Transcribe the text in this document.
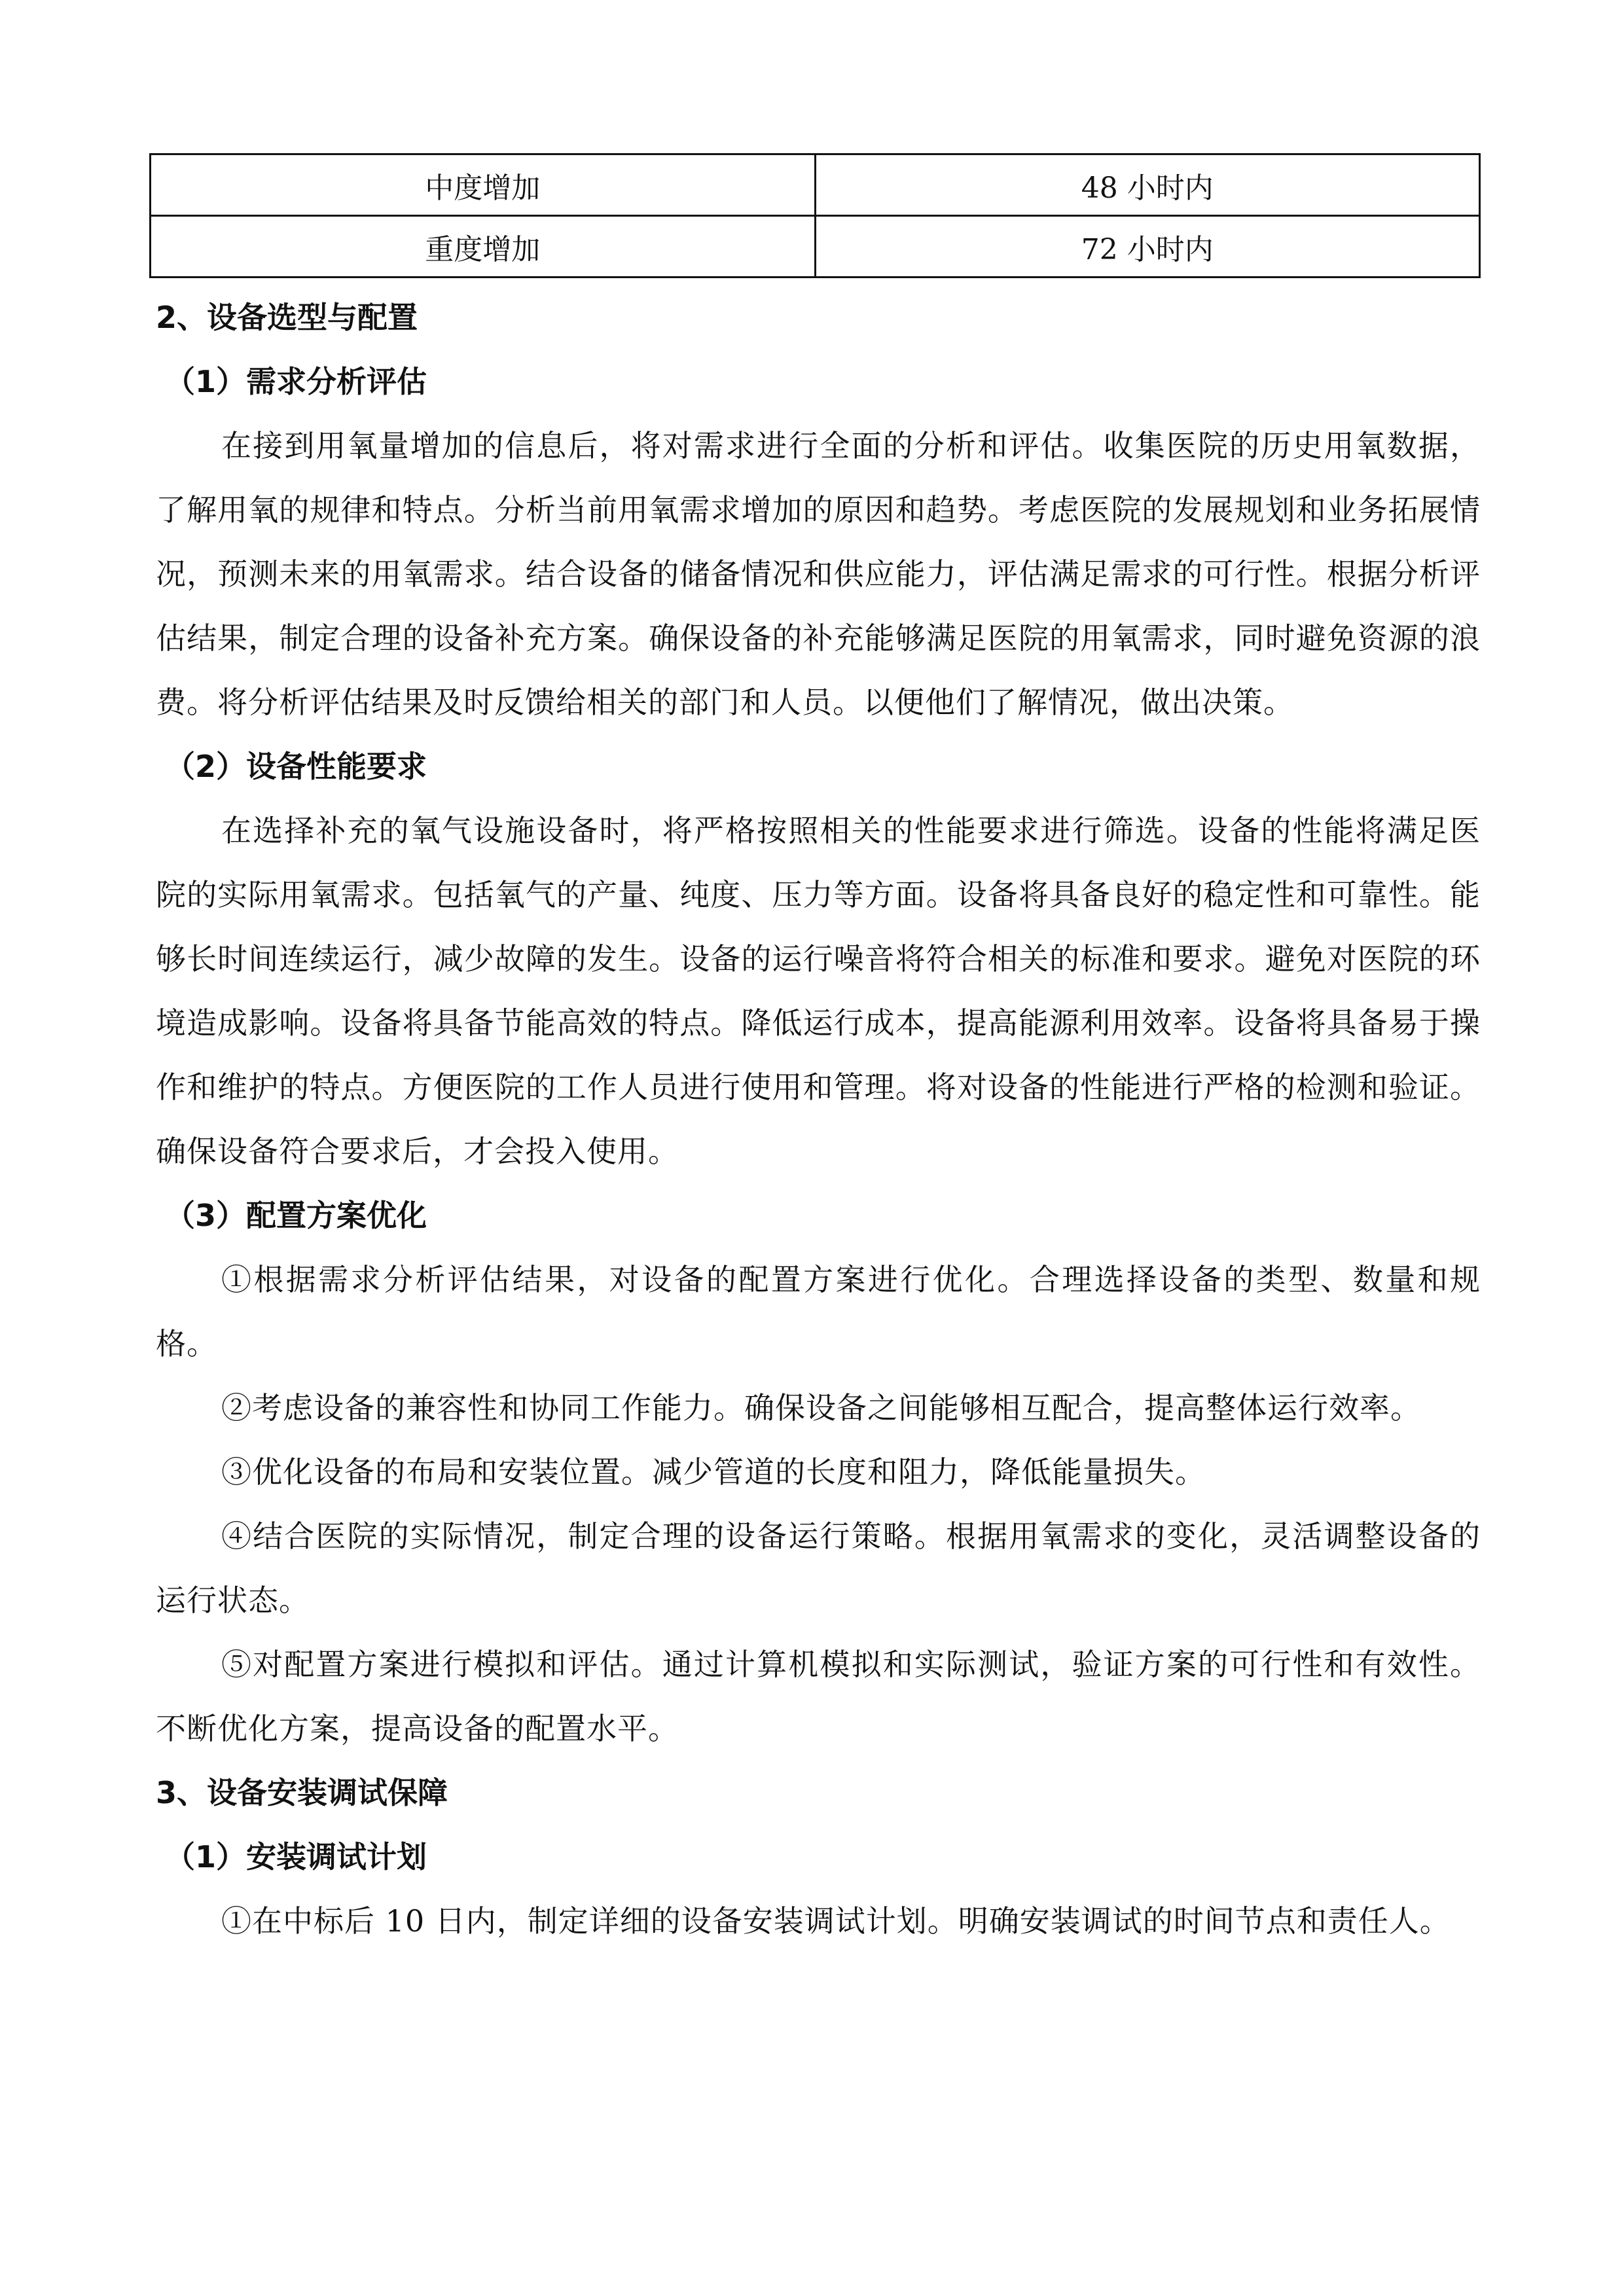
中度增加	48 小时内
重度增加	72 小时内
2、设备选型与配置
（1）需求分析评估

在接到用氧量增加的信息后，将对需求进行全面的分析和评估。收集医院的历史用氧数据，了解用氧的规律和特点。分析当前用氧需求增加的原因和趋势。考虑医院的发展规划和业务拓展情况，预测未来的用氧需求。结合设备的储备情况和供应能力，评估满足需求的可行性。根据分析评估结果，制定合理的设备补充方案。确保设备的补充能够满足医院的用氧需求，同时避免资源的浪费。将分析评估结果及时反馈给相关的部门和人员。以便他们了解情况，做出决策。

（2）设备性能要求

在选择补充的氧气设施设备时，将严格按照相关的性能要求进行筛选。设备的性能将满足医院的实际用氧需求。包括氧气的产量、纯度、压力等方面。设备将具备良好的稳定性和可靠性。能够长时间连续运行，减少故障的发生。设备的运行噪音将符合相关的标准和要求。避免对医院的环境造成影响。设备将具备节能高效的特点。降低运行成本，提高能源利用效率。设备将具备易于操作和维护的特点。方便医院的工作人员进行使用和管理。将对设备的性能进行严格的检测和验证。确保设备符合要求后，才会投入使用。

（3）配置方案优化

①根据需求分析评估结果，对设备的配置方案进行优化。合理选择设备的类型、数量和规格。

②考虑设备的兼容性和协同工作能力。确保设备之间能够相互配合，提高整体运行效率。

③优化设备的布局和安装位置。减少管道的长度和阻力，降低能量损失。

④结合医院的实际情况，制定合理的设备运行策略。根据用氧需求的变化，灵活调整设备的运行状态。

⑤对配置方案进行模拟和评估。通过计算机模拟和实际测试，验证方案的可行性和有效性。不断优化方案，提高设备的配置水平。

3、设备安装调试保障
（1）安装调试计划

①在中标后 10 日内，制定详细的设备安装调试计划。明确安装调试的时间节点和责任人。
